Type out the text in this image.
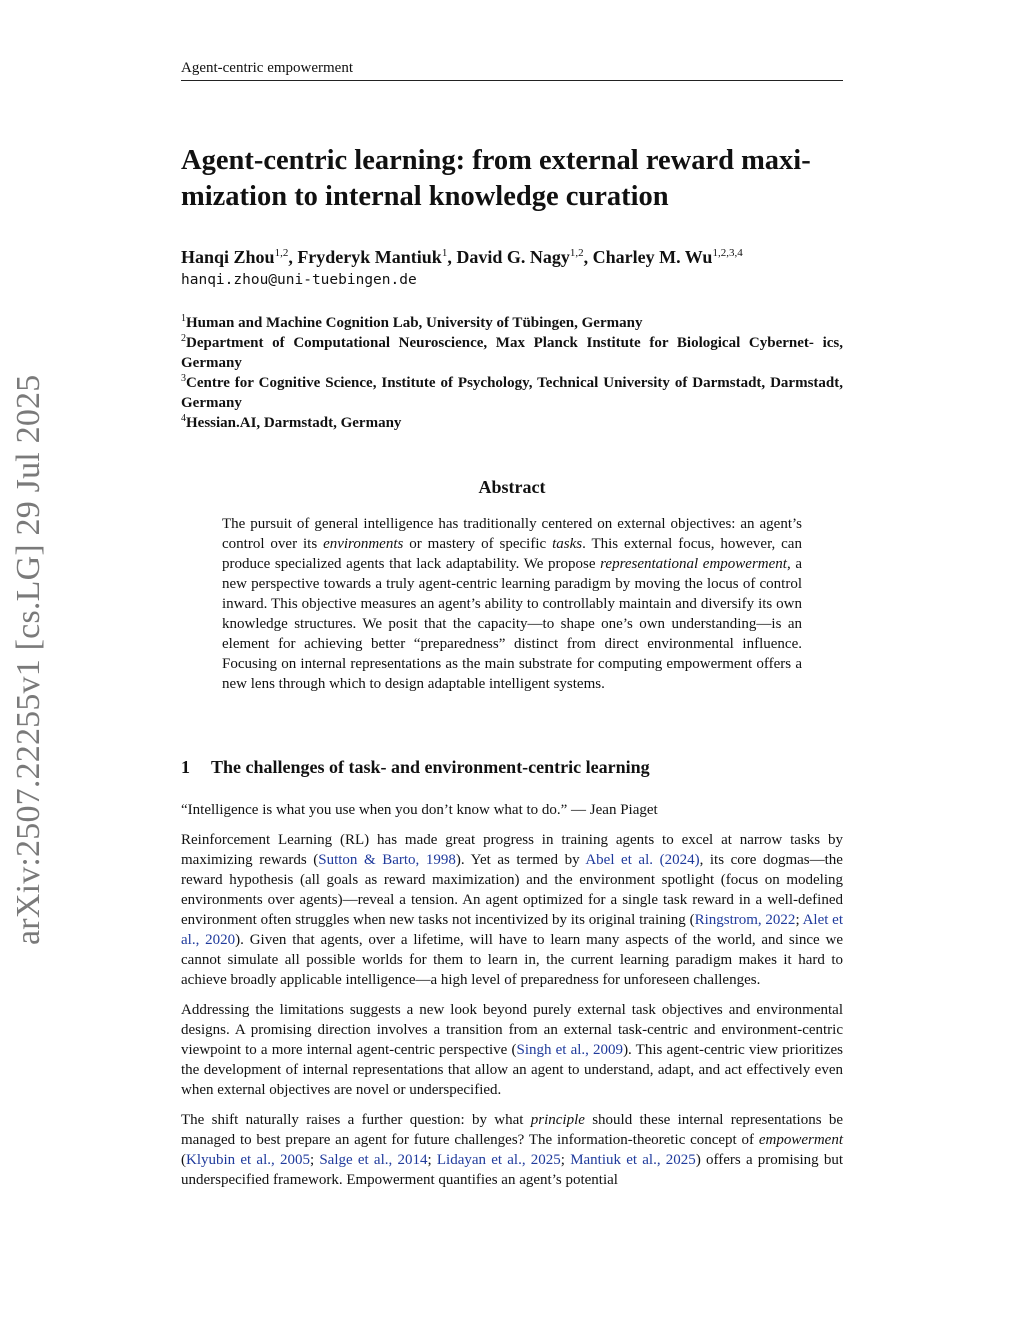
Agent-centric empowerment
arXiv:2507.22255v1 [cs.LG] 29 Jul 2025
Agent-centric learning: from external reward maxi- mization to internal knowledge curation
Hanqi Zhou$^{1,2}$, Fryderyk Mantiuk$^1$, David G. Nagy$^{1,2}$, Charley M. Wu$^{1,2,3,4}$
hanqi.zhou@uni-tuebingen.de
$^1$Human and Machine Cognition Lab, University of Tübingen, Germany
$^2$Department of Computational Neuroscience, Max Planck Institute for Biological Cybernet- ics, Germany
$^3$Centre for Cognitive Science, Institute of Psychology, Technical University of Darmstadt, Darmstadt, Germany
$^4$Hessian.AI, Darmstadt, Germany
Abstract
The pursuit of general intelligence has traditionally centered on external objectives: an agent’s control over its environments or mastery of specific tasks. This external focus, however, can produce specialized agents that lack adaptability. We propose representational empowerment, a new perspective towards a truly agent-centric learning paradigm by moving the locus of control inward. This objective measures an agent’s ability to controllably maintain and diversify its own knowledge structures. We posit that the capacity—to shape one’s own understanding—is an element for achieving better “preparedness” distinct from direct environmental influence. Focusing on internal representations as the main substrate for computing empowerment offers a new lens through which to design adaptable intelligent systems.
1 The challenges of task- and environment-centric learning

“Intelligence is what you use when you don’t know what to do.” — Jean Piaget

Reinforcement Learning (RL) has made great progress in training agents to excel at narrow tasks by maximizing rewards (Sutton & Barto, 1998). Yet as termed by Abel et al. (2024), its core dogmas—the reward hypothesis (all goals as reward maximization) and the environment spotlight (focus on modeling environments over agents)—reveal a tension. An agent optimized for a single task reward in a well-defined environment often struggles when new tasks not incentivized by its original training (Ringstrom, 2022; Alet et al., 2020). Given that agents, over a lifetime, will have to learn many aspects of the world, and since we cannot simulate all possible worlds for them to learn in, the current learning paradigm makes it hard to achieve broadly applicable intelligence—a high level of preparedness for unforeseen challenges.

Addressing the limitations suggests a new look beyond purely external task objectives and environmental designs. A promising direction involves a transition from an external task-centric and environment-centric viewpoint to a more internal agent-centric perspective (Singh et al., 2009). This agent-centric view prioritizes the development of internal representations that allow an agent to understand, adapt, and act effectively even when external objectives are novel or underspecified.

The shift naturally raises a further question: by what principle should these internal representations be managed to best prepare an agent for future challenges? The information-theoretic concept of empowerment (Klyubin et al., 2005; Salge et al., 2014; Lidayan et al., 2025; Mantiuk et al., 2025) offers a promising but underspecified framework. Empowerment quantifies an agent’s potential
